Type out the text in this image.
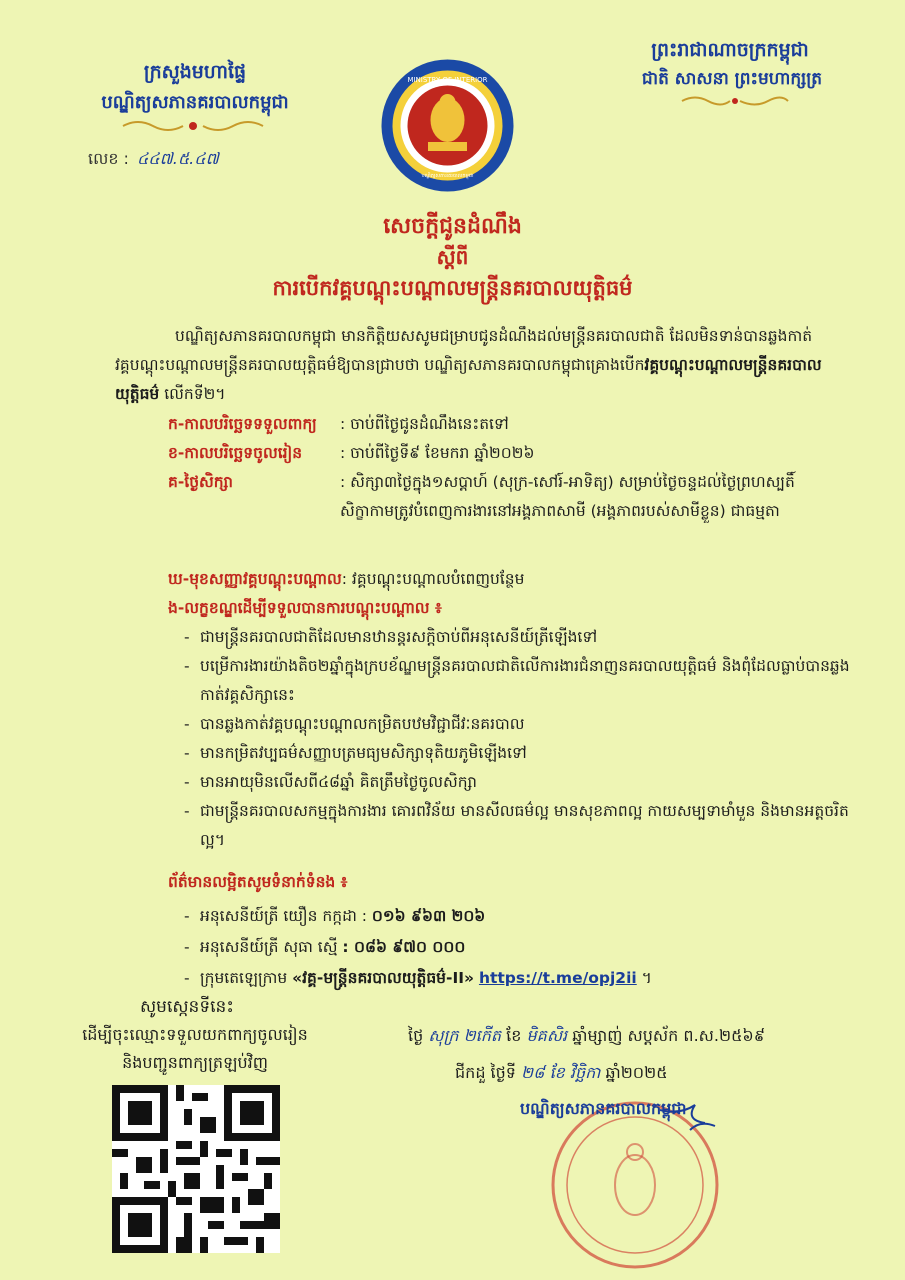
ក្រសួងមហាផ្ទៃ
បណ្ឌិត្យសភានគរបាលកម្ពុជា
លេខ : ៤៤៧.៥.៤៧
ព្រះរាជាណាចក្រកម្ពុជា
ជាតិ សាសនា ព្រះមហាក្សត្រ
MINISTRY OF INTERIOR
បណ្ឌិត្យសភានគរបាលកម្ពុជា
សេចក្តីជូនដំណឹង
ស្តីពី
ការបើកវគ្គបណ្តុះបណ្តាលមន្ត្រីនគរបាលយុត្តិធម៌
បណ្ឌិត្យសភានគរបាលកម្ពុជា មានកិត្តិយសសូមជម្រាបជូនដំណឹងដល់មន្ត្រីនគរបាលជាតិ ដែលមិនទាន់បានឆ្លងកាត់វគ្គបណ្តុះបណ្តាលមន្ត្រីនគរបាលយុត្តិធម៌ឱ្យបានជ្រាបថា បណ្ឌិត្យសភានគរបាលកម្ពុជាគ្រោងបើកវគ្គបណ្តុះបណ្តាលមន្ត្រីនគរបាលយុត្តិធម៌ លើកទី២។
ក-កាលបរិច្ឆេទទទួលពាក្យ : ចាប់ពីថ្ងៃជូនដំណឹងនេះតទៅ
ខ-កាលបរិច្ឆេទចូលរៀន : ចាប់ពីថ្ងៃទី៩ ខែមករា ឆ្នាំ២០២៦
គ-ថ្ងៃសិក្សា	: សិក្សា៣ថ្ងៃក្នុង១សប្តាហ៍ (សុក្រ-សៅរ៍-អាទិត្យ) សម្រាប់ថ្ងៃចន្ទដល់ថ្ងៃព្រហស្បតិ៍ សិក្ខាកាមត្រូវបំពេញការងារនៅអង្គភាពសាមី (អង្គភាពរបស់សាមីខ្លួន) ជាធម្មតា
ឃ-មុខសញ្ញាវគ្គបណ្តុះបណ្តាល: វគ្គបណ្តុះបណ្តាលបំពេញបន្ថែម
ង-លក្ខខណ្ឌដើម្បីទទួលបានការបណ្តុះបណ្តាល ៖
- ជាមន្ត្រីនគរបាលជាតិដែលមានឋានន្តរសក្តិចាប់ពីអនុសេនីយ៍ត្រីឡើងទៅ
- បម្រើការងារយ៉ាងតិច២ឆ្នាំក្នុងក្របខ័ណ្ឌមន្ត្រីនគរបាលជាតិលើការងារជំនាញនគរបាលយុត្តិធម៌ និងពុំដែលធ្លាប់បានឆ្លងកាត់វគ្គសិក្សានេះ
- បានឆ្លងកាត់វគ្គបណ្តុះបណ្តាលកម្រិតបឋមវិជ្ជាជីវៈនគរបាល
- មានកម្រិតវប្បធម៌សញ្ញាបត្រមធ្យមសិក្សាទុតិយភូមិឡើងទៅ
- មានអាយុមិនលើសពី៤៨ឆ្នាំ គិតត្រឹមថ្ងៃចូលសិក្សា
- ជាមន្ត្រីនគរបាលសកម្មក្នុងការងារ គោរពវិន័យ មានសីលធម៌ល្អ មានសុខភាពល្អ កាយសម្បទាមាំមួន និងមានអត្តចរិតល្អ។
ព័ត៌មានលម្អិតសូមទំនាក់ទំនង ៖
- អនុសេនីយ៍ត្រី យឿន កក្កដា : ០១៦ ៩៦៣ ២០៦
- អនុសេនីយ៍ត្រី សុធា ស្មើ : ០៨៦ ៩៧០ ០០០
- ក្រុមតេឡេក្រាម «វគ្គ-មន្ត្រីនគរបាលយុត្តិធម៌-II» https://t.me/opj2ii ។
សូមស្កេនទីនេះ
ដើម្បីចុះឈ្មោះទទួលយកពាក្យចូលរៀន
និងបញ្ជូនពាក្យត្រឡប់វិញ
ថ្ងៃ សុក្រ ២កើត ខែ មិគសិរ ឆ្នាំម្សាញ់ សប្តស័ក ព.ស.២៥៦៩
ជីកដួ ថ្ងៃទី ២៨ ខែ វិច្ឆិកា ឆ្នាំ២០២៥
បណ្ឌិត្យសភានគរបាលកម្ពុជា
